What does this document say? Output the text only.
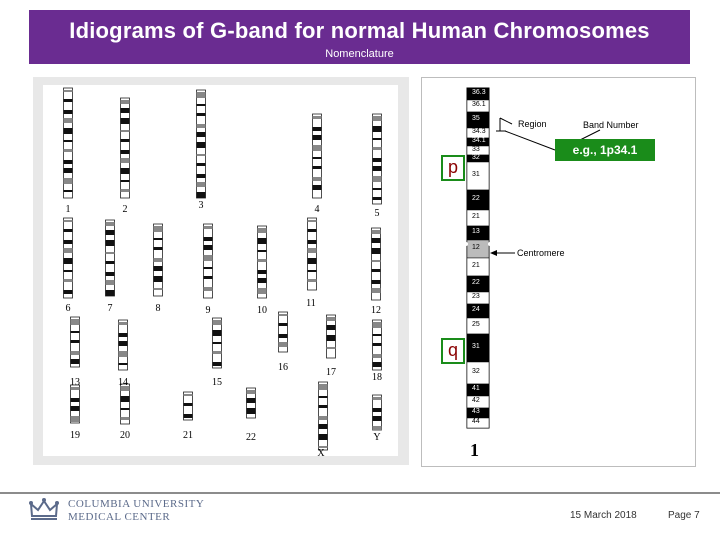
Idiograms of G-band for normal Human Chromosomes
Nomenclature
1	2	3	4	5
6	7	8	9	10
11
12
13	14	15
16	17	18
19	20	21	22
X
Y
36.3
36.1
35
34.3
34.1
33
32
31
22
21
13
12
21
22
23
24
25
31
32
41
42
43
44
p
q
Region	Band Number
e.g., 1p34.1
Centromere
1
COLUMBIA UNIVERSITY
MEDICAL CENTER	15 March 2018	Page 7
